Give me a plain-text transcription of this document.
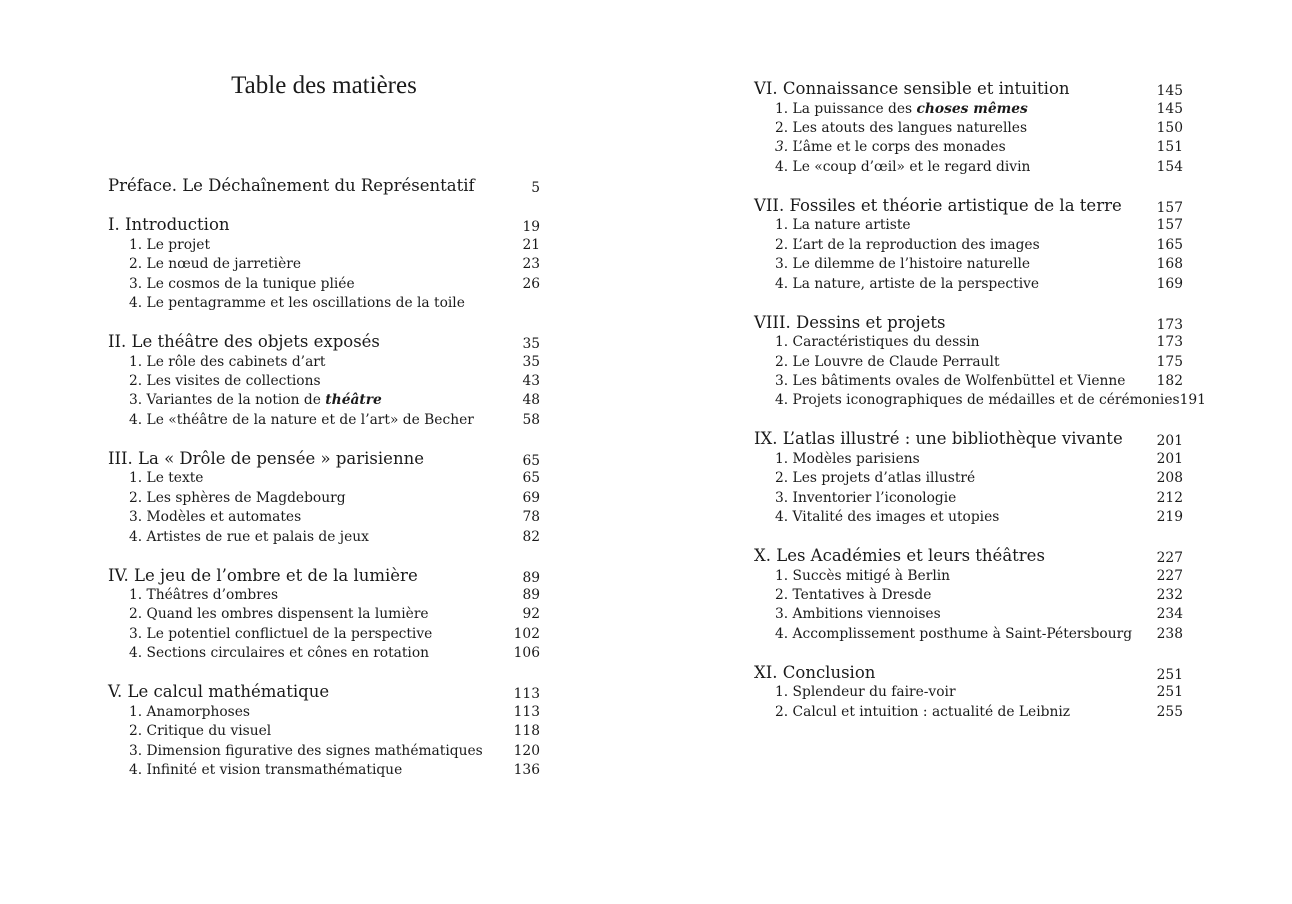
Table des matières
Préface. Le Déchaînement du Représentatif	5
I. Introduction	19
1. Le projet	21
2. Le nœud de jarretière	23
3. Le cosmos de la tunique pliée	26
4. Le pentagramme et les oscillations de la toile
II. Le théâtre des objets exposés	35
1. Le rôle des cabinets d’art	35
2. Les visites de collections	43
3. Variantes de la notion de théâtre	48
4. Le «théâtre de la nature et de l’art» de Becher	58
III. La « Drôle de pensée » parisienne	65
1. Le texte	65
2. Les sphères de Magdebourg	69
3. Modèles et automates	78
4. Artistes de rue et palais de jeux	82
IV. Le jeu de l’ombre et de la lumière	89
1. Théâtres d’ombres	89
2. Quand les ombres dispensent la lumière	92
3. Le potentiel conflictuel de la perspective	102
4. Sections circulaires et cônes en rotation	106
V. Le calcul mathématique	113
1. Anamorphoses	113
2. Critique du visuel	118
3. Dimension figurative des signes mathématiques 120
4. Infinité et vision transmathématique	136
VI. Connaissance sensible et intuition	145
1. La puissance des choses mêmes	145
2. Les atouts des langues naturelles	150
3. L’âme et le corps des monades	151
4. Le «coup d’œil» et le regard divin	154
VII. Fossiles et théorie artistique de la terre	157
1. La nature artiste	157
2. L’art de la reproduction des images	165
3. Le dilemme de l’histoire naturelle	168
4. La nature, artiste de la perspective	169
VIII. Dessins et projets	173
1. Caractéristiques du dessin	173
2. Le Louvre de Claude Perrault	175
3. Les bâtiments ovales de Wolfenbüttel et Vienne 182
4. Projets iconographiques de médailles et de cérémonies 191
IX. L’atlas illustré : une bibliothèque vivante 201
1. Modèles parisiens	201
2. Les projets d’atlas illustré	208
3. Inventorier l’iconologie	212
4. Vitalité des images et utopies	219
X. Les Académies et leurs théâtres	227
1. Succès mitigé à Berlin	227
2. Tentatives à Dresde	232
3. Ambitions viennoises	234
4. Accomplissement posthume à Saint-Pétersbourg 238
XI. Conclusion	251
1. Splendeur du faire-voir	251
2. Calcul et intuition : actualité de Leibniz	255
